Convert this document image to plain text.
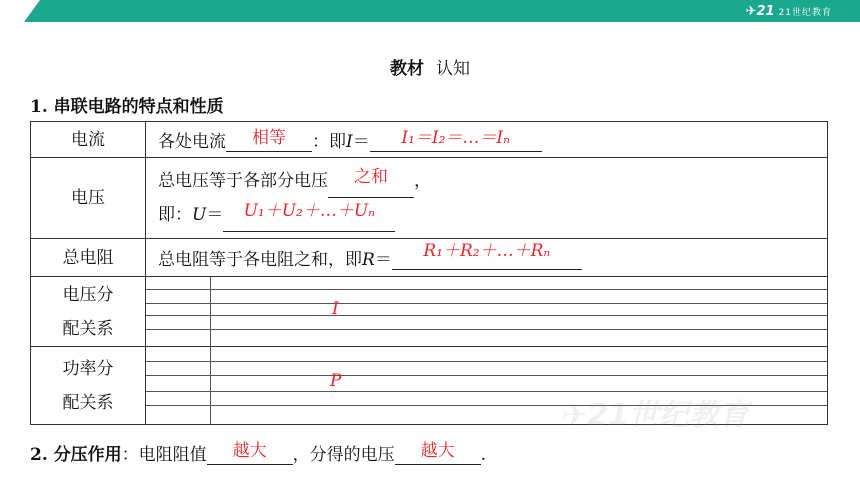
✈21 21世纪教育
教材 认知
1. 串联电路的特点和性质
电流	各处电流 相等 ：即I＝ I₁＝I₂＝…＝Iₙ

电压	总电压等于各部分电压 之和 ，
即：U＝ U₁＋U₂＋…＋Uₙ

总电阻	总电阻等于各电阻之和，即R＝ R₁＋R₂＋…＋Rₙ

电压分
配关系	I

功率分
配关系	P
✈21世纪教育
2. 分压作用：电阻阻值	越大	，分得的电压	越大	.
